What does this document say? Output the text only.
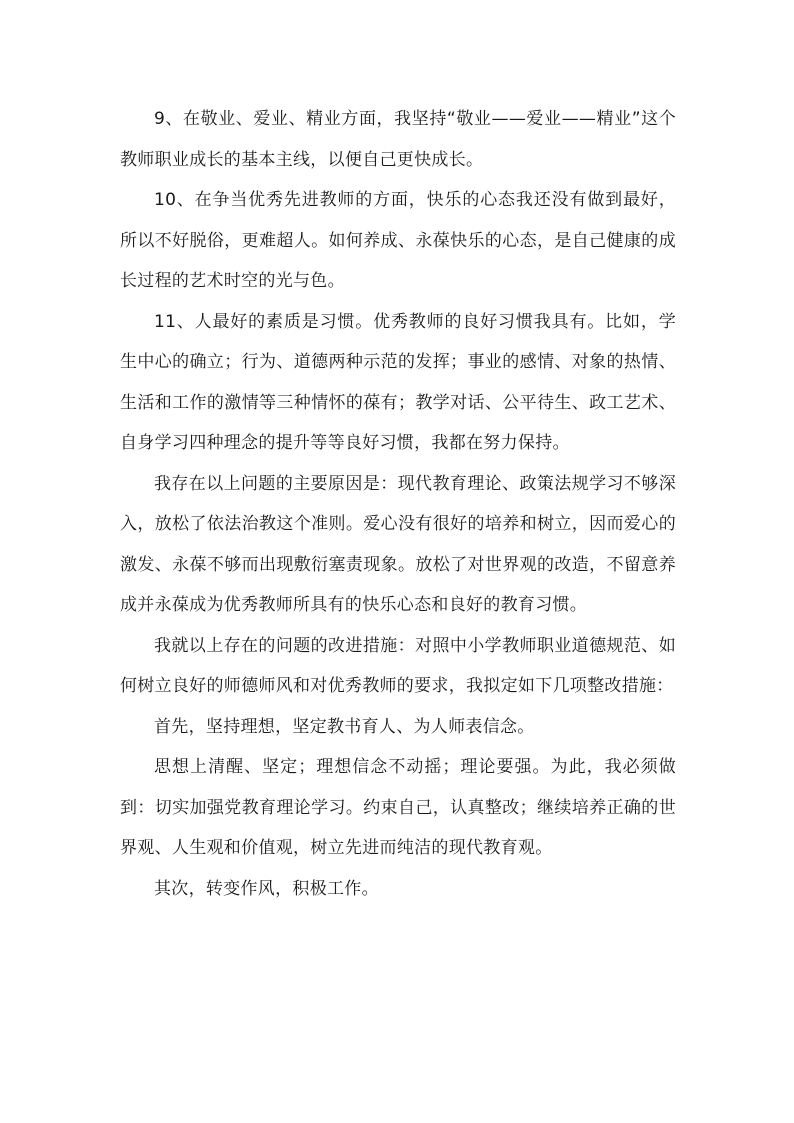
9、在敬业、爱业、精业方面，我坚持“敬业——爱业——精业”这个教师职业成长的基本主线，以便自己更快成长。

10、在争当优秀先进教师的方面，快乐的心态我还没有做到最好，所以不好脱俗，更难超人。如何养成、永葆快乐的心态，是自己健康的成长过程的艺术时空的光与色。

11、人最好的素质是习惯。优秀教师的良好习惯我具有。比如，学生中心的确立；行为、道德两种示范的发挥；事业的感情、对象的热情、生活和工作的激情等三种情怀的葆有；教学对话、公平待生、政工艺术、自身学习四种理念的提升等等良好习惯，我都在努力保持。

我存在以上问题的主要原因是：现代教育理论、政策法规学习不够深入，放松了依法治教这个准则。爱心没有很好的培养和树立，因而爱心的激发、永葆不够而出现敷衍塞责现象。放松了对世界观的改造，不留意养成并永葆成为优秀教师所具有的快乐心态和良好的教育习惯。

我就以上存在的问题的改进措施：对照中小学教师职业道德规范、如何树立良好的师德师风和对优秀教师的要求，我拟定如下几项整改措施：

首先，坚持理想，坚定教书育人、为人师表信念。

思想上清醒、坚定；理想信念不动摇；理论要强。为此，我必须做到：切实加强党教育理论学习。约束自己，认真整改；继续培养正确的世界观、人生观和价值观，树立先进而纯洁的现代教育观。

其次，转变作风，积极工作。
